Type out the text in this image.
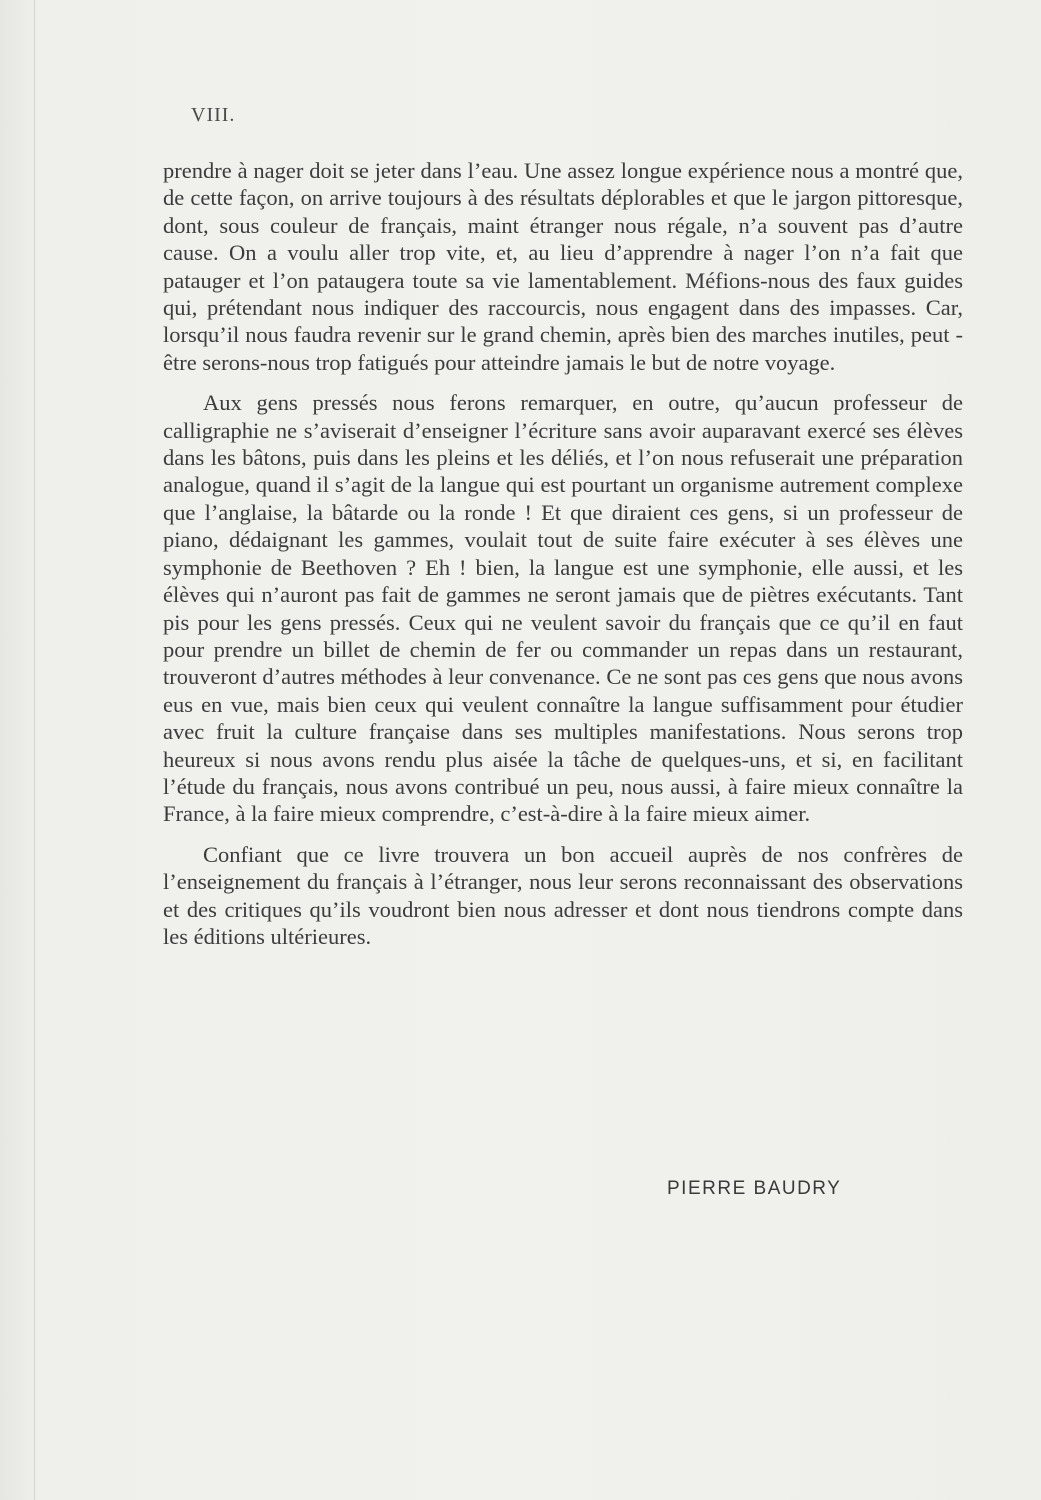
VIII.

prendre à nager doit se jeter dans l’eau. Une assez longue expérience nous a montré que, de cette façon, on arrive toujours à des résultats déplorables et que le jargon pittoresque, dont, sous couleur de français, maint étranger nous régale, n’a souvent pas d’autre cause. On a voulu aller trop vite, et, au lieu d’apprendre à nager l’on n’a fait que patauger et l’on pataugera toute sa vie lamentablement. Méfions-nous des faux guides qui, prétendant nous indiquer des raccourcis, nous engagent dans des impasses. Car, lorsqu’il nous faudra revenir sur le grand chemin, après bien des marches inutiles, peut - être serons-nous trop fatigués pour atteindre jamais le but de notre voyage.

Aux gens pressés nous ferons remarquer, en outre, qu’aucun professeur de calligraphie ne s’aviserait d’enseigner l’écriture sans avoir auparavant exercé ses élèves dans les bâtons, puis dans les pleins et les déliés, et l’on nous refuserait une préparation analogue, quand il s’agit de la langue qui est pourtant un organisme autrement complexe que l’anglaise, la bâtarde ou la ronde ! Et que diraient ces gens, si un professeur de piano, dédaignant les gammes, voulait tout de suite faire exécuter à ses élèves une symphonie de Beethoven ? Eh ! bien, la langue est une symphonie, elle aussi, et les élèves qui n’auront pas fait de gammes ne seront jamais que de piètres exécutants. Tant pis pour les gens pressés. Ceux qui ne veulent savoir du français que ce qu’il en faut pour prendre un billet de chemin de fer ou commander un repas dans un restaurant, trouveront d’autres méthodes à leur convenance. Ce ne sont pas ces gens que nous avons eus en vue, mais bien ceux qui veulent connaître la langue suffisamment pour étudier avec fruit la culture française dans ses multiples manifestations. Nous serons trop heureux si nous avons rendu plus aisée la tâche de quelques-uns, et si, en facilitant l’étude du français, nous avons contribué un peu, nous aussi, à faire mieux connaître la France, à la faire mieux comprendre, c’est-à-dire à la faire mieux aimer.

Confiant que ce livre trouvera un bon accueil auprès de nos confrères de l’enseignement du français à l’étranger, nous leur serons reconnaissant des observations et des critiques qu’ils voudront bien nous adresser et dont nous tiendrons compte dans les éditions ultérieures.

PIERRE BAUDRY
